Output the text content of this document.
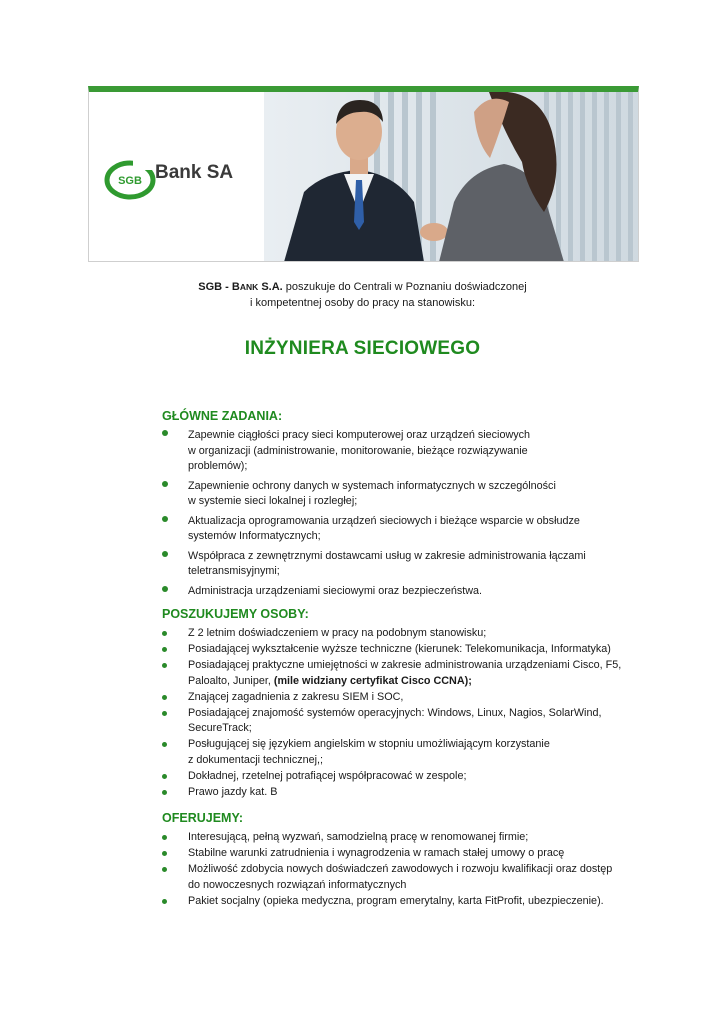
SGB Bank SA
SGB - BANK S.A. poszukuje do Centrali w Poznaniu doświadczonej
i kompetentnej osoby do pracy na stanowisku:
INŻYNIERA SIECIOWEGO
GŁÓWNE ZADANIA:
Zapewnie ciągłości pracy sieci komputerowej oraz urządzeń sieciowych
w organizacji (administrowanie, monitorowanie, bieżące rozwiązywanie
problemów);
Zapewnienie ochrony danych w systemach informatycznych w szczególności
w systemie sieci lokalnej i rozległej;
Aktualizacja oprogramowania urządzeń sieciowych i bieżące wsparcie w obsłudze
systemów Informatycznych;
Współpraca z zewnętrznymi dostawcami usług w zakresie administrowania łączami
teletransmisyjnymi;
Administracja urządzeniami sieciowymi oraz bezpieczeństwa.
POSZUKUJEMY OSOBY:
Z 2 letnim doświadczeniem w pracy na podobnym stanowisku;
Posiadającej wykształcenie wyższe techniczne (kierunek: Telekomunikacja, Informatyka)
Posiadającej praktyczne umiejętności w zakresie administrowania urządzeniami Cisco, F5,
Paloalto, Juniper, (mile widziany certyfikat Cisco CCNA);
Znającej zagadnienia z zakresu SIEM i SOC,
Posiadającej znajomość systemów operacyjnych: Windows, Linux, Nagios, SolarWind,
SecureTrack;
Posługującej się językiem angielskim w stopniu umożliwiającym korzystanie
z dokumentacji technicznej,;
Dokładnej, rzetelnej potrafiącej współpracować w zespole;
Prawo jazdy kat. B
OFERUJEMY:
Interesującą, pełną wyzwań, samodzielną pracę w renomowanej firmie;
Stabilne warunki zatrudnienia i wynagrodzenia w ramach stałej umowy o pracę
Możliwość zdobycia nowych doświadczeń zawodowych i rozwoju kwalifikacji oraz dostęp
do nowoczesnych rozwiązań informatycznych
Pakiet socjalny (opieka medyczna, program emerytalny, karta FitProfit, ubezpieczenie).
